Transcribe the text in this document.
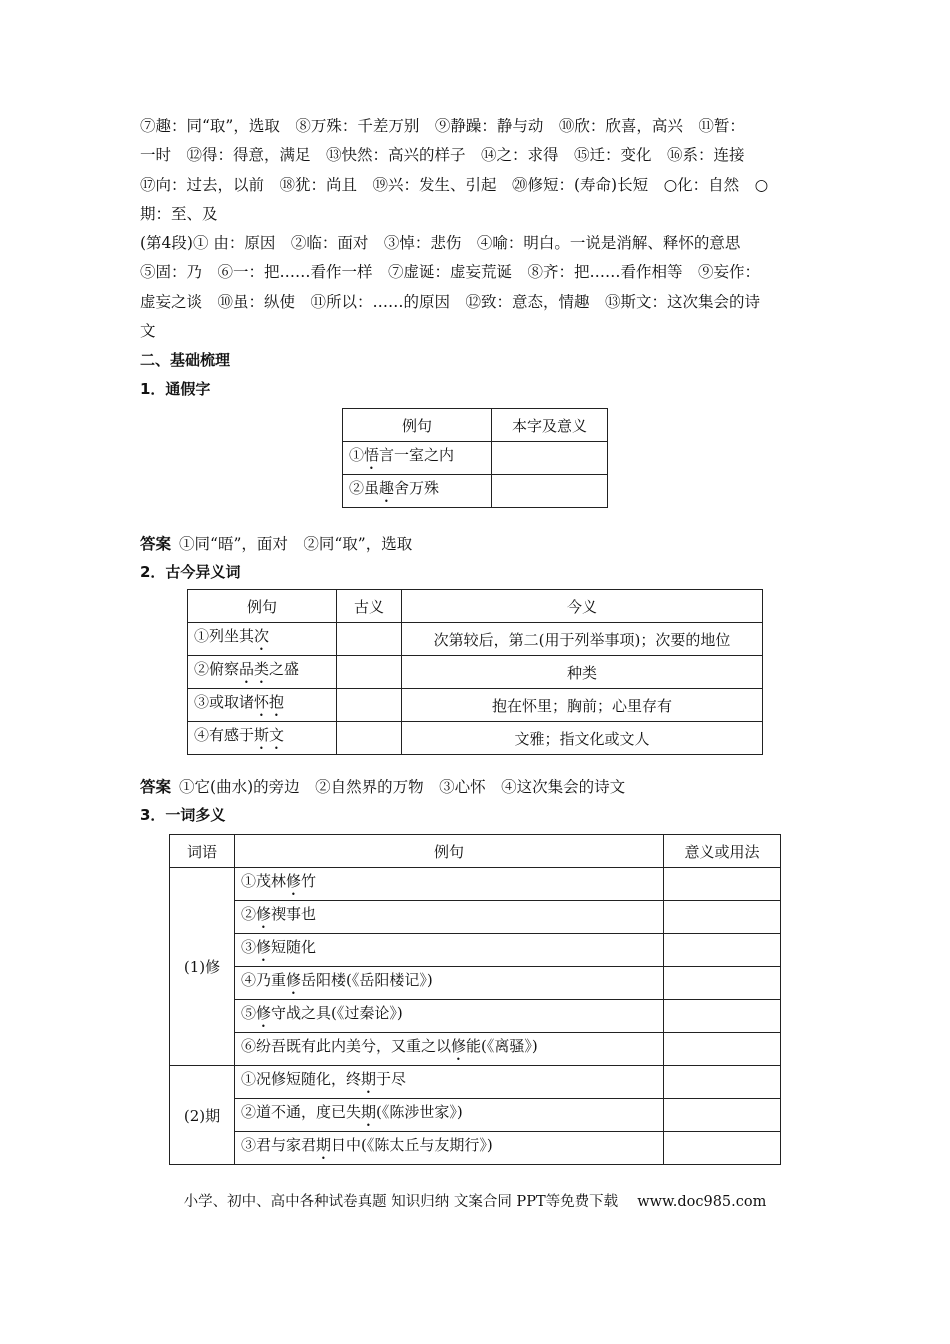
⑦趣：同“取”，选取　⑧万殊：千差万别　⑨静躁：静与动　⑩欣：欣喜，高兴　⑪暂：

一时　⑫得：得意，满足　⑬快然：高兴的样子　⑭之：求得　⑮迁：变化　⑯系：连接

⑰向：过去，以前　⑱犹：尚且　⑲兴：发生、引起　⑳修短：(寿命)长短　○化：自然　○

期：至、及

(第4段)① 由：原因　②临：面对　③悼：悲伤　④喻：明白。一说是消解、释怀的意思

⑤固：乃　⑥一：把……看作一样　⑦虚诞：虚妄荒诞　⑧齐：把……看作相等　⑨妄作：

虚妄之谈　⑩虽：纵使　⑪所以：……的原因　⑫致：意态，情趣　⑬斯文：这次集会的诗

文

二、基础梳理

1．通假字

例句	本字及意义
①悟言一室之内	
②虽趣舍万殊	

答案 ①同“晤”，面对　②同“取”，选取

2．古今异义词

例句	古义	今义
①列坐其次		次第较后，第二(用于列举事项)；次要的地位
②俯察品类之盛		种类
③或取诸怀抱		抱在怀里；胸前；心里存有
④有感于斯文		文雅；指文化或文人

答案 ①它(曲水)的旁边　②自然界的万物　③心怀　④这次集会的诗文

3．一词多义

词语	例句	意义或用法
(1)修	①茂林修竹	
	②修禊事也	
	③修短随化	
	④乃重修岳阳楼(《岳阳楼记》)	
	⑤修守战之具(《过秦论》)	
	⑥纷吾既有此内美兮，又重之以修能(《离骚》)	
(2)期	①况修短随化，终期于尽	
	②道不通，度已失期(《陈涉世家》)	
	③君与家君期日中(《陈太丘与友期行》)	
小学、初中、高中各种试卷真题 知识归纳 文案合同 PPT等免费下载　 www.doc985.com
